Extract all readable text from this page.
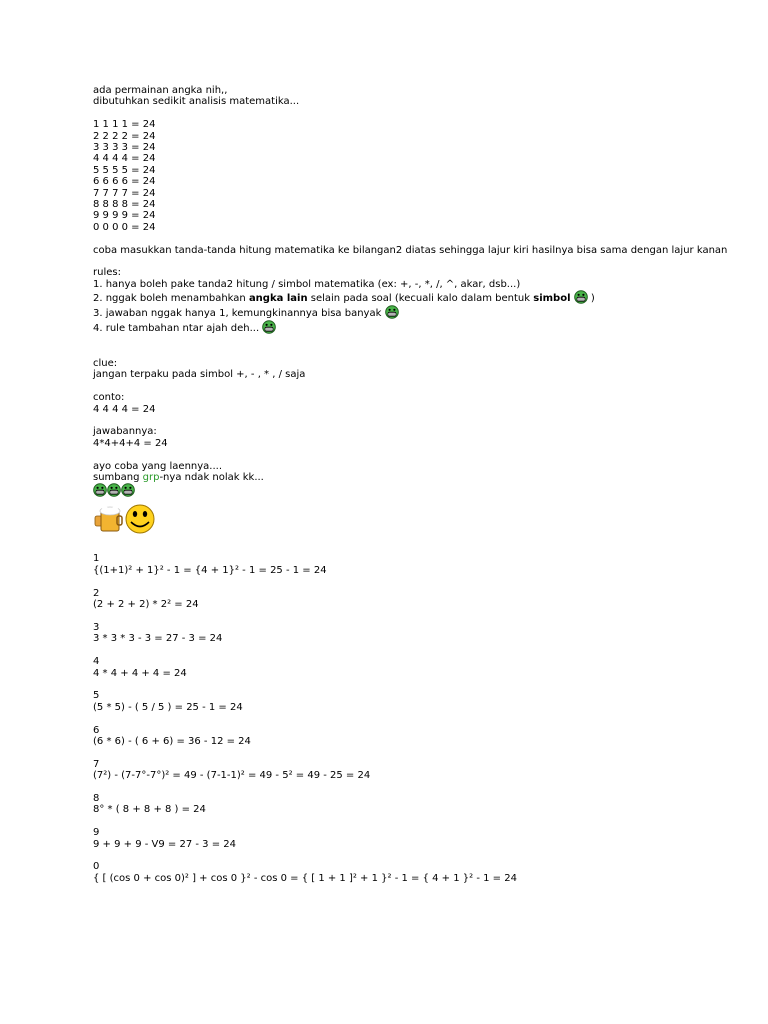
ada permainan angka nih,,
dibutuhkan sedikit analisis matematika...
1 1 1 1 = 24
2 2 2 2 = 24
3 3 3 3 = 24
4 4 4 4 = 24
5 5 5 5 = 24
6 6 6 6 = 24
7 7 7 7 = 24
8 8 8 8 = 24
9 9 9 9 = 24
0 0 0 0 = 24
coba masukkan tanda-tanda hitung matematika ke bilangan2 diatas sehingga lajur kiri hasilnya bisa sama dengan lajur kanan
rules:
1. hanya boleh pake tanda2 hitung / simbol matematika (ex: +, -, *, /, ^, akar, dsb...)
2. nggak boleh menambahkan angka lain selain pada soal (kecuali kalo dalam bentuk simbol  )
3. jawaban nggak hanya 1, kemungkinannya bisa banyak
4. rule tambahan ntar ajah deh...
clue:
jangan terpaku pada simbol +, - , * , / saja
conto:
4 4 4 4 = 24
jawabannya:
4*4+4+4 = 24
ayo coba yang laennya....
sumbang grp-nya ndak nolak kk...
1
{(1+1)² + 1}² - 1 = {4 + 1}² - 1 = 25 - 1 = 24
2
(2 + 2 + 2) * 2² = 24
3
3 * 3 * 3 - 3 = 27 - 3 = 24
4
4 * 4 + 4 + 4 = 24
5
(5 * 5) - ( 5 / 5 ) = 25 - 1 = 24
6
(6 * 6) - ( 6 + 6) = 36 - 12 = 24
7
(7²) - (7-7°-7°)² = 49 - (7-1-1)² = 49 - 5² = 49 - 25 = 24
8
8° * ( 8 + 8 + 8 ) = 24
9
9 + 9 + 9 - V9 = 27 - 3 = 24
0
{ [ (cos 0 + cos 0)² ] + cos 0 }² - cos 0 = { [ 1 + 1 ]² + 1 }² - 1 = { 4 + 1 }² - 1 = 24
